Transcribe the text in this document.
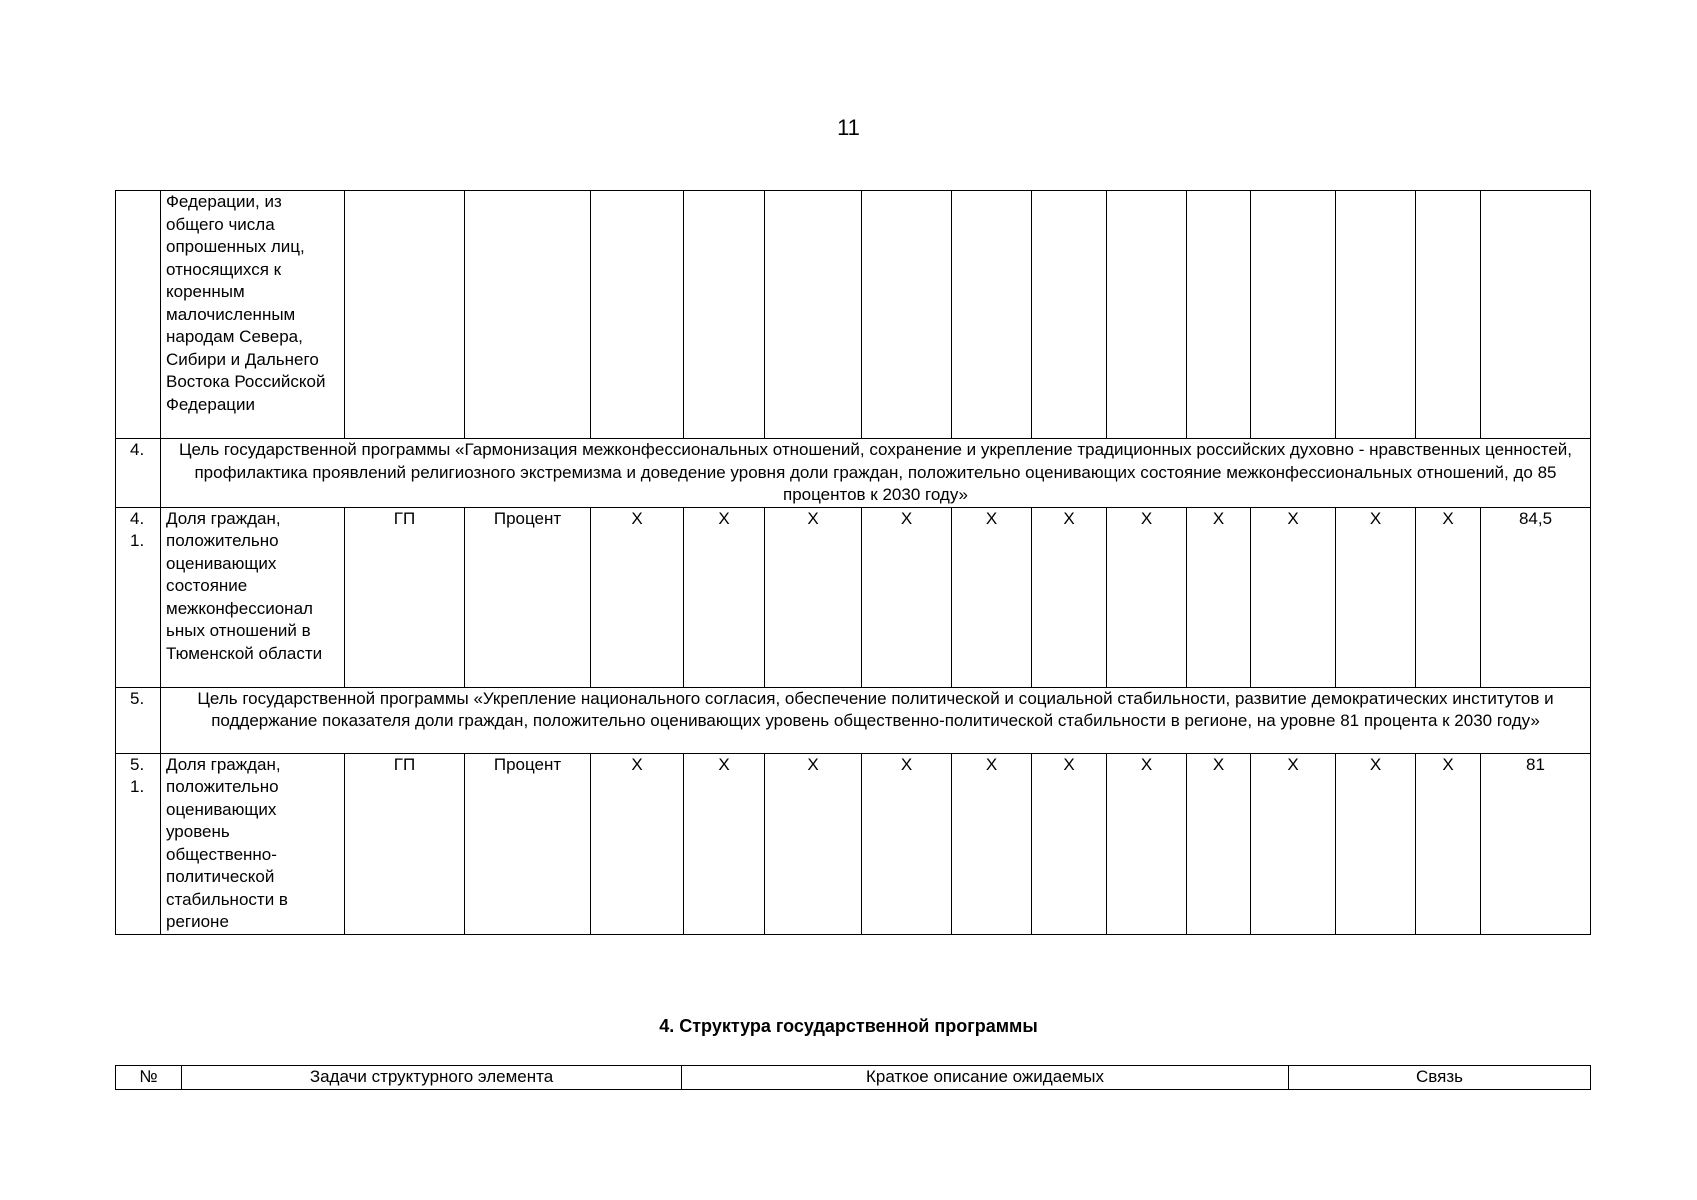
11
	Федерации, из общего числа опрошенных лиц, относящихся к коренным малочисленным народам Севера, Сибири и Дальнего Востока Российской Федерации														
4.	Цель государственной программы «Гармонизация межконфессиональных отношений, сохранение и укрепление традиционных российских духовно - нравственных ценностей, профилактика проявлений религиозного экстремизма и доведение уровня доли граждан, положительно оценивающих состояние межконфессиональных отношений, до 85 процентов к 2030 году»														
4. 1.	Доля граждан, положительно оценивающих состояние межконфессионал ьных отношений в Тюменской области	ГП	Процент	X	X	X	X	X	X	X	X	X	X	X	84,5
5.	Цель государственной программы «Укрепление национального согласия, обеспечение политической и социальной стабильности, развитие демократических институтов и поддержание показателя доли граждан, положительно оценивающих уровень общественно-политической стабильности в регионе, на уровне 81 процента к 2030 году»														
5. 1.	Доля граждан, положительно оценивающих уровень общественно-политической стабильности в регионе	ГП	Процент	X	X	X	X	X	X	X	X	X	X	X	81
4. Структура государственной программы
№	Задачи структурного элемента	Краткое описание ожидаемых	Связь
